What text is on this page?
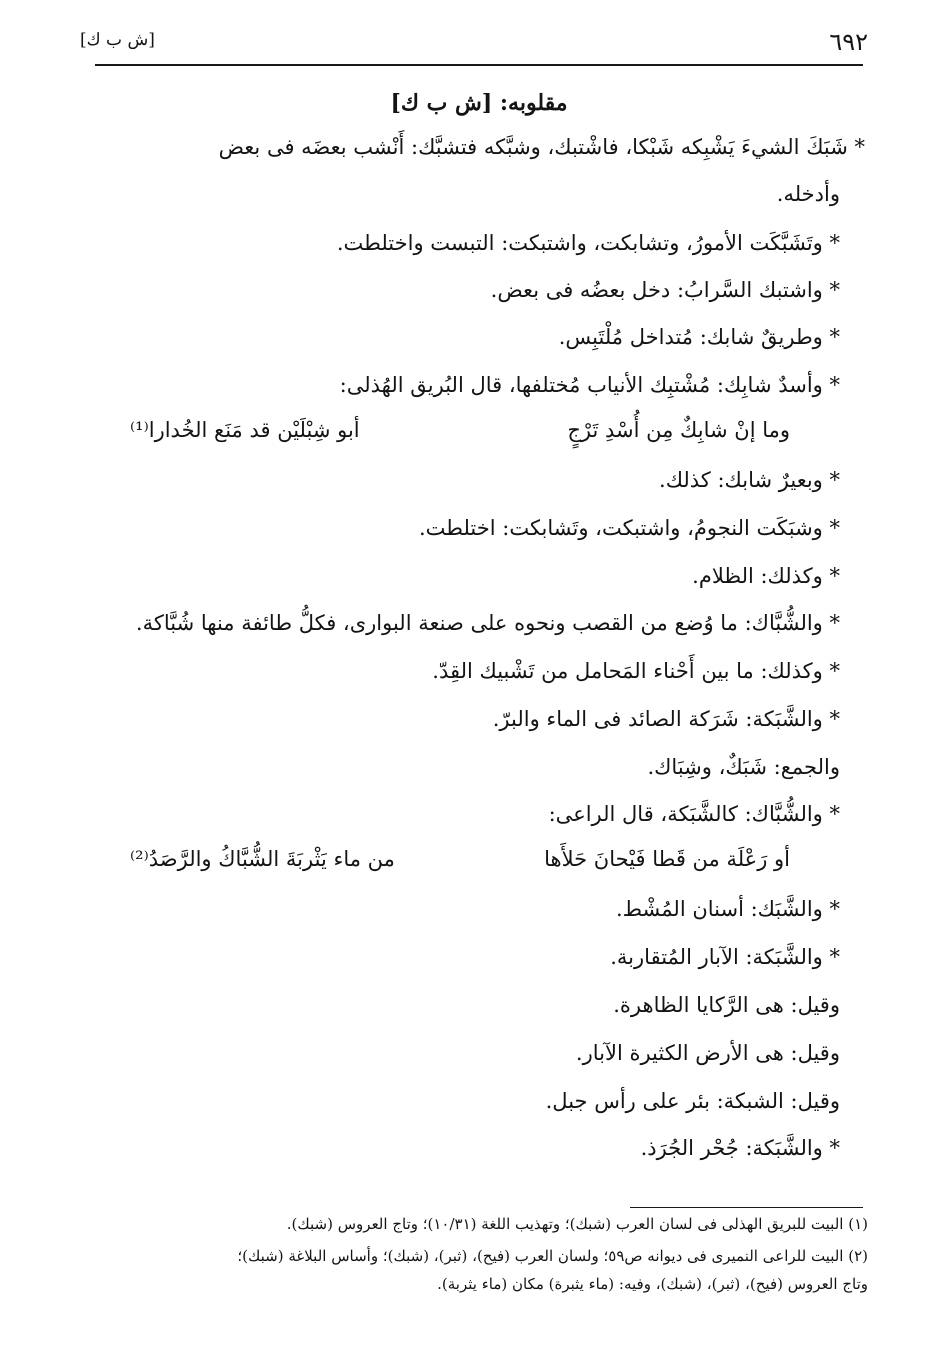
٦٩٢
[ش ب ك]
مقلوبه: [ش ب ك]
* شَبَكَ الشيءَ يَشْبِكه شَبْكا، فاشْتبك، وشبَّكه فتشبَّك: أَنْشب بعضَه فى بعض
وأدخله.
* وتَشَبَّكَت الأمورُ، وتشابكت، واشتبكت: التبست واختلطت.
* واشتبك السَّرابُ: دخل بعضُه فى بعض.
* وطريقٌ شابك: مُتداخل مُلْتَبِس.
* وأسدٌ شابِك: مُشْتبِك الأنياب مُختلفها، قال البُريق الهُذلى:
وما إنْ شابِكٌ مِن أُسْدِ تَرْجٍ
أبو شِبْلَيْن قد مَنَع الخُدارا⁽¹⁾
* وبعيرٌ شابك: كذلك.
* وشبَكَت النجومُ، واشتبكت، وتَشابكت: اختلطت.
* وكذلك: الظلام.
* والشُّبَّاك: ما وُضع من القصب ونحوه على صنعة البوارى، فكلُّ طائفة منها شُبَّاكة.
* وكذلك: ما بين أَحْناء المَحامل من تَشْبيك القِدّ.
* والشَّبَكة: شَرَكة الصائد فى الماء والبرّ.
والجمع: شَبَكٌ، وشِبَاك.
* والشُّبَّاك: كالشَّبَكة، قال الراعى:
أو رَعْلَة من قَطا فَيْحانَ حَلأَها
من ماء يَثْربَةَ الشُّبَّاكُ والرَّصَدُ⁽²⁾
* والشَّبَك: أسنان المُشْط.
* والشَّبَكة: الآبار المُتقاربة.
وقيل: هى الرَّكايا الظاهرة.
وقيل: هى الأرض الكثيرة الآبار.
وقيل: الشبكة: بئر على رأس جبل.
* والشَّبَكة: جُحْر الجُرَذ.
(١) البيت للبريق الهذلى فى لسان العرب (شبك)؛ وتهذيب اللغة (١٠/٣١)؛ وتاج العروس (شبك).
(٢) البيت للراعى النميرى فى ديوانه ص٥٩؛ ولسان العرب (فيح)، (ثبر)، (شبك)؛ وأساس البلاغة (شبك)؛
وتاج العروس (فيح)، (ثبر)، (شبك)، وفيه: (ماء يثبرة) مكان (ماء يثربة).
